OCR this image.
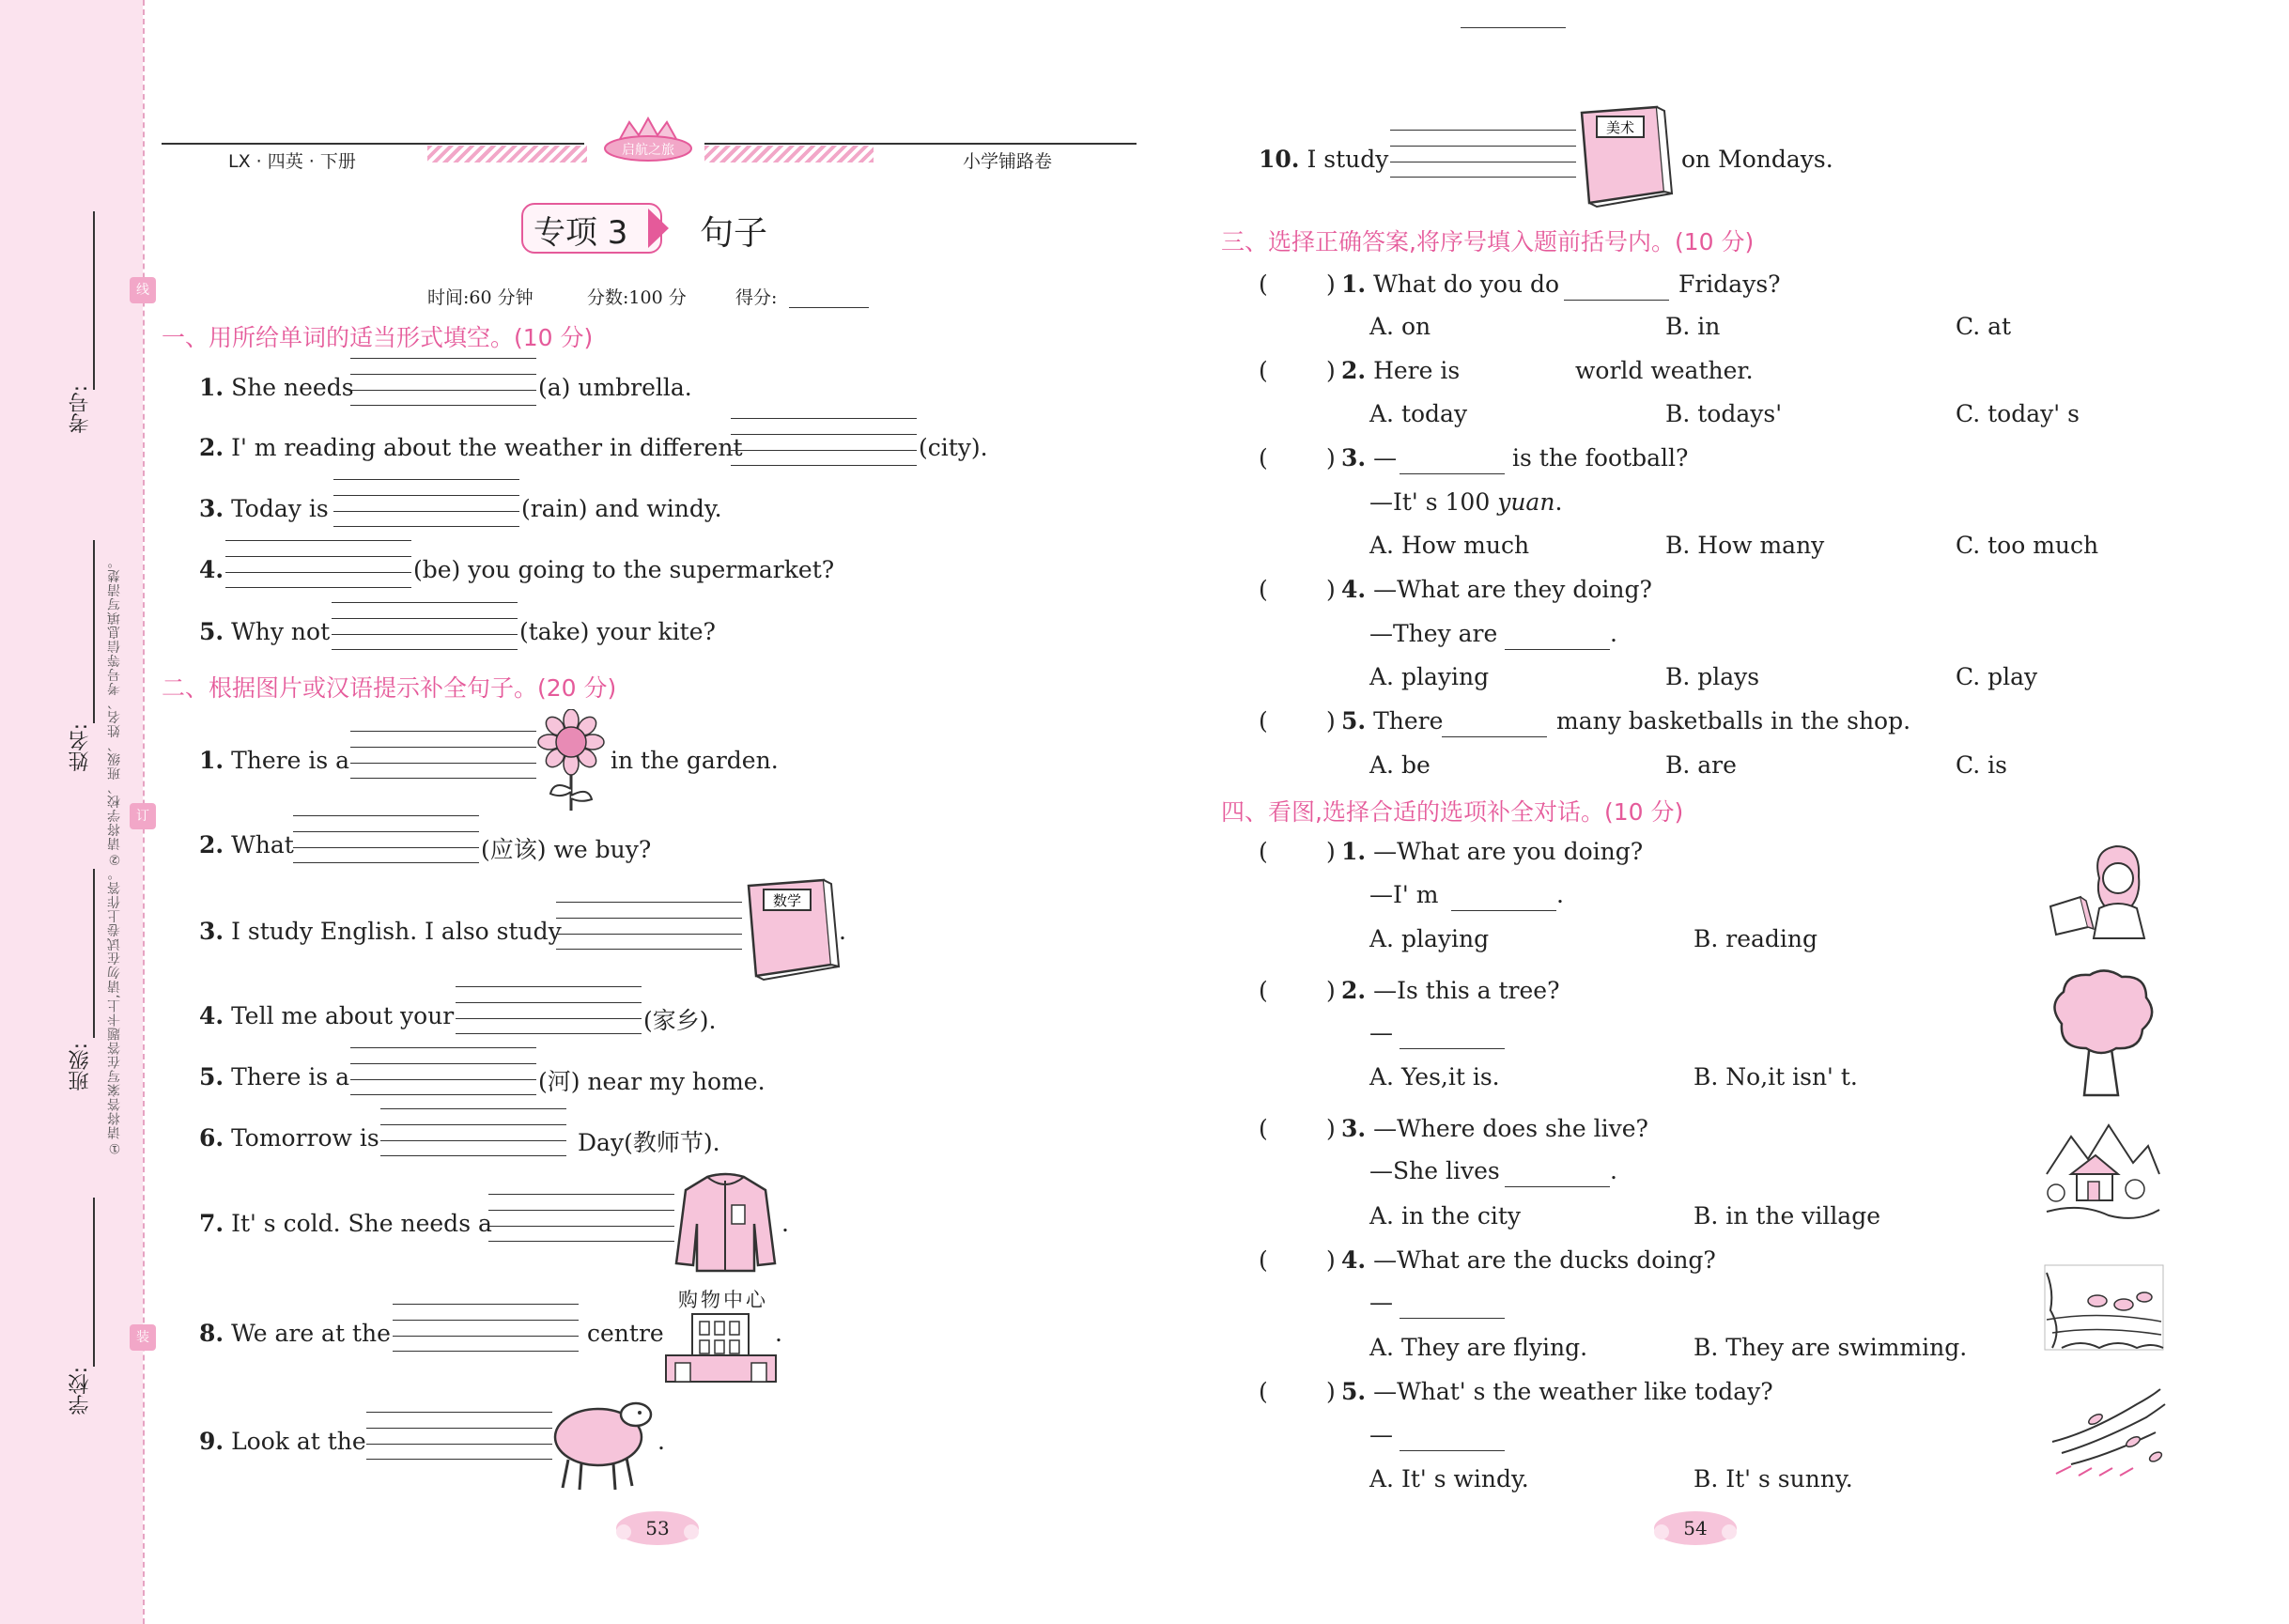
考号:
姓名:
班级:
学校:
①请将答案写在答题卡上,请勿在试卷上作答。②请将学校、班级、姓名、考号等信息填写清楚。
线
订
装
LX · 四英 · 下册	小学铺路卷
启航之旅
专项 3 句子
时间:60 分钟	分数:100 分	得分:
一、用所给单词的适当形式填空。(10 分)
1. She needs	(a) umbrella.
2. I' m reading about the weather in different	(city).
3. Today is	(rain) and windy.
4.	(be) you going to the supermarket?
5. Why not	(take) your kite?
二、根据图片或汉语提示补全句子。(20 分)
1. There is a	in the garden.
2. What	(应该) we buy?
3. I study English. I also study
数学
.
4. Tell me about your	(家乡).
5. There is a	(河) near my home.
6. Tomorrow is	Day(教师节).
7. It' s cold. She needs a	.
8. We are at the	centre
购物中心
.
9. Look at the	.
53
10. I study
美术
on Mondays.
三、选择正确答案,将序号填入题前括号内。(10 分)
( ) 1. What do you do	Fridays?
A. on	B. in	C. at
( ) 2. Here is	world weather.
A. today	B. todays'	C. today' s
( ) 3. —	is the football?
—It' s 100 yuan.
A. How much	B. How many	C. too much
( ) 4. —What are they doing?
—They are	.
A. playing	B. plays	C. play
( ) 5. There	many basketballs in the shop.
A. be	B. are	C. is
四、看图,选择合适的选项补全对话。(10 分)
( ) 1. —What are you doing?
—I' m	.
A. playing	B. reading
( ) 2. —Is this a tree?
—
A. Yes,it is.	B. No,it isn' t.
( ) 3. —Where does she live?
—She lives	.
A. in the city	B. in the village
( ) 4. —What are the ducks doing?
—
A. They are flying.	B. They are swimming.
( ) 5. —What' s the weather like today?
—
A. It' s windy.	B. It' s sunny.
54
